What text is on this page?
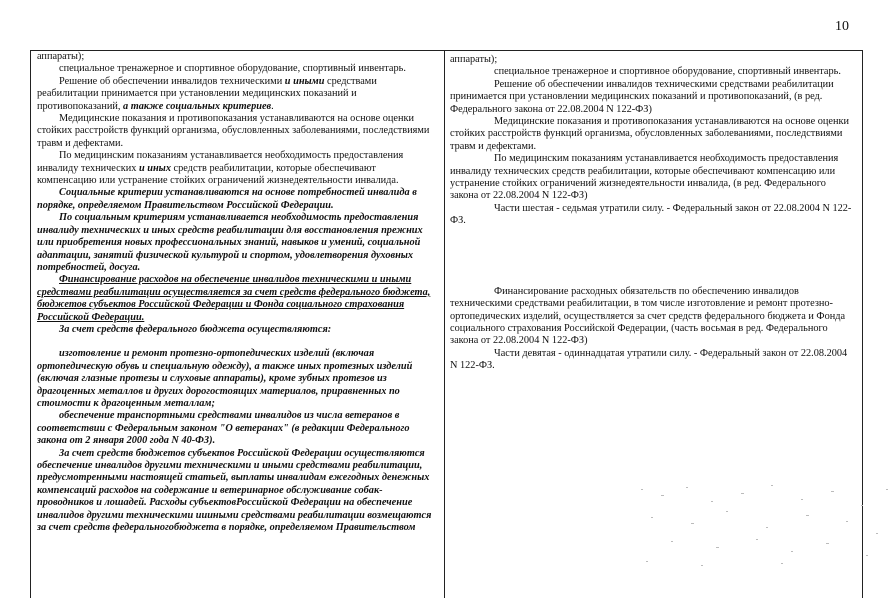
10
аппараты);
специальное тренажерное и спортивное оборудование, спортивный инвентарь.
Решение об обеспечении инвалидов техническими и иными средствами реабилитации принимается при установлении медицинских показаний и противопоказаний, а также социальных критериев.
Медицинские показания и противопоказания устанавливаются на основе оценки стойких расстройств функций организма, обусловленных заболеваниями, последствиями травм и дефектами.
По медицинским показаниям устанавливается необходимость предоставления инвалиду технических и иных средств реабилитации, которые обеспечивают компенсацию или устранение стойких ограничений жизнедеятельности инвалида.
Социальные критерии устанавливаются на основе потребностей инвалида в порядке, определяемом Правительством Российской Федерации.
По социальным критериям устанавливается необходимость предоставления инвалиду технических и иных средств реабилитации для восстановления прежних или приобретения новых профессиональных знаний, навыков и умений, социальной адаптации, занятий физической культурой и спортом, удовлетворения духовных потребностей, досуга.
Финансирование расходов на обеспечение инвалидов техническими и иными средствами реабилитации осуществляется за счет средств федерального бюджета, бюджетов субъектов Российской Федерации и Фонда социального страхования Российской Федерации.
За счет средств федерального бюджета осуществляются:
изготовление и ремонт протезно-ортопедических изделий (включая ортопедическую обувь и специальную одежду), а также иных протезных изделий (включая глазные протезы и слуховые аппараты), кроме зубных протезов из драгоценных металлов и других дорогостоящих материалов, приравненных по стоимости к драгоценным металлам;
обеспечение транспортными средствами инвалидов из числа ветеранов в соответствии с Федеральным законом "О ветеранах" (в редакции Федерального закона от 2 января 2000 года N 40-ФЗ).
За счет средств бюджетов субъектов Российской Федерации осуществляются обеспечение инвалидов другими техническими и иными средствами реабилитации, предусмотренными настоящей статьей, выплаты инвалидам ежегодных денежных компенсаций расходов на содержание и ветеринарное обслуживание собак-проводников и лошадей. Расходы субъектовРоссийской Федерации на обеспечение инвалидов другими техническими иииными средствами реабилитации возмещаются за счет средств федеральногобюджета в порядке, определяемом Правительством
аппараты);
специальное тренажерное и спортивное оборудование, спортивный инвентарь.
Решение об обеспечении инвалидов техническими средствами реабилитации принимается при установлении медицинских показаний и противопоказаний, (в ред. Федерального закона от 22.08.2004 N 122-ФЗ)
Медицинские показания и противопоказания устанавливаются на основе оценки стойких расстройств функций организма, обусловленных заболеваниями, последствиями травм и дефектами.
По медицинским показаниям устанавливается необходимость предоставления инвалиду технических средств реабилитации, которые обеспечивают компенсацию или устранение стойких ограничений жизнедеятельности инвалида, (в ред. Федерального закона от 22.08.2004 N 122-ФЗ)
Части шестая - седьмая утратили силу. - Федеральный закон от 22.08.2004 N 122-ФЗ.
Финансирование расходных обязательств по обеспечению инвалидов техническими средствами реабилитации, в том числе изготовление и ремонт протезно-ортопедических изделий, осуществляется за счет средств федерального бюджета и Фонда социального страхования Российской Федерации, (часть восьмая в ред. Федерального закона от 22.08.2004 N 122-ФЗ)
Части девятая - одиннадцатая утратили силу. - Федеральный закон от 22.08.2004 N 122-ФЗ.
